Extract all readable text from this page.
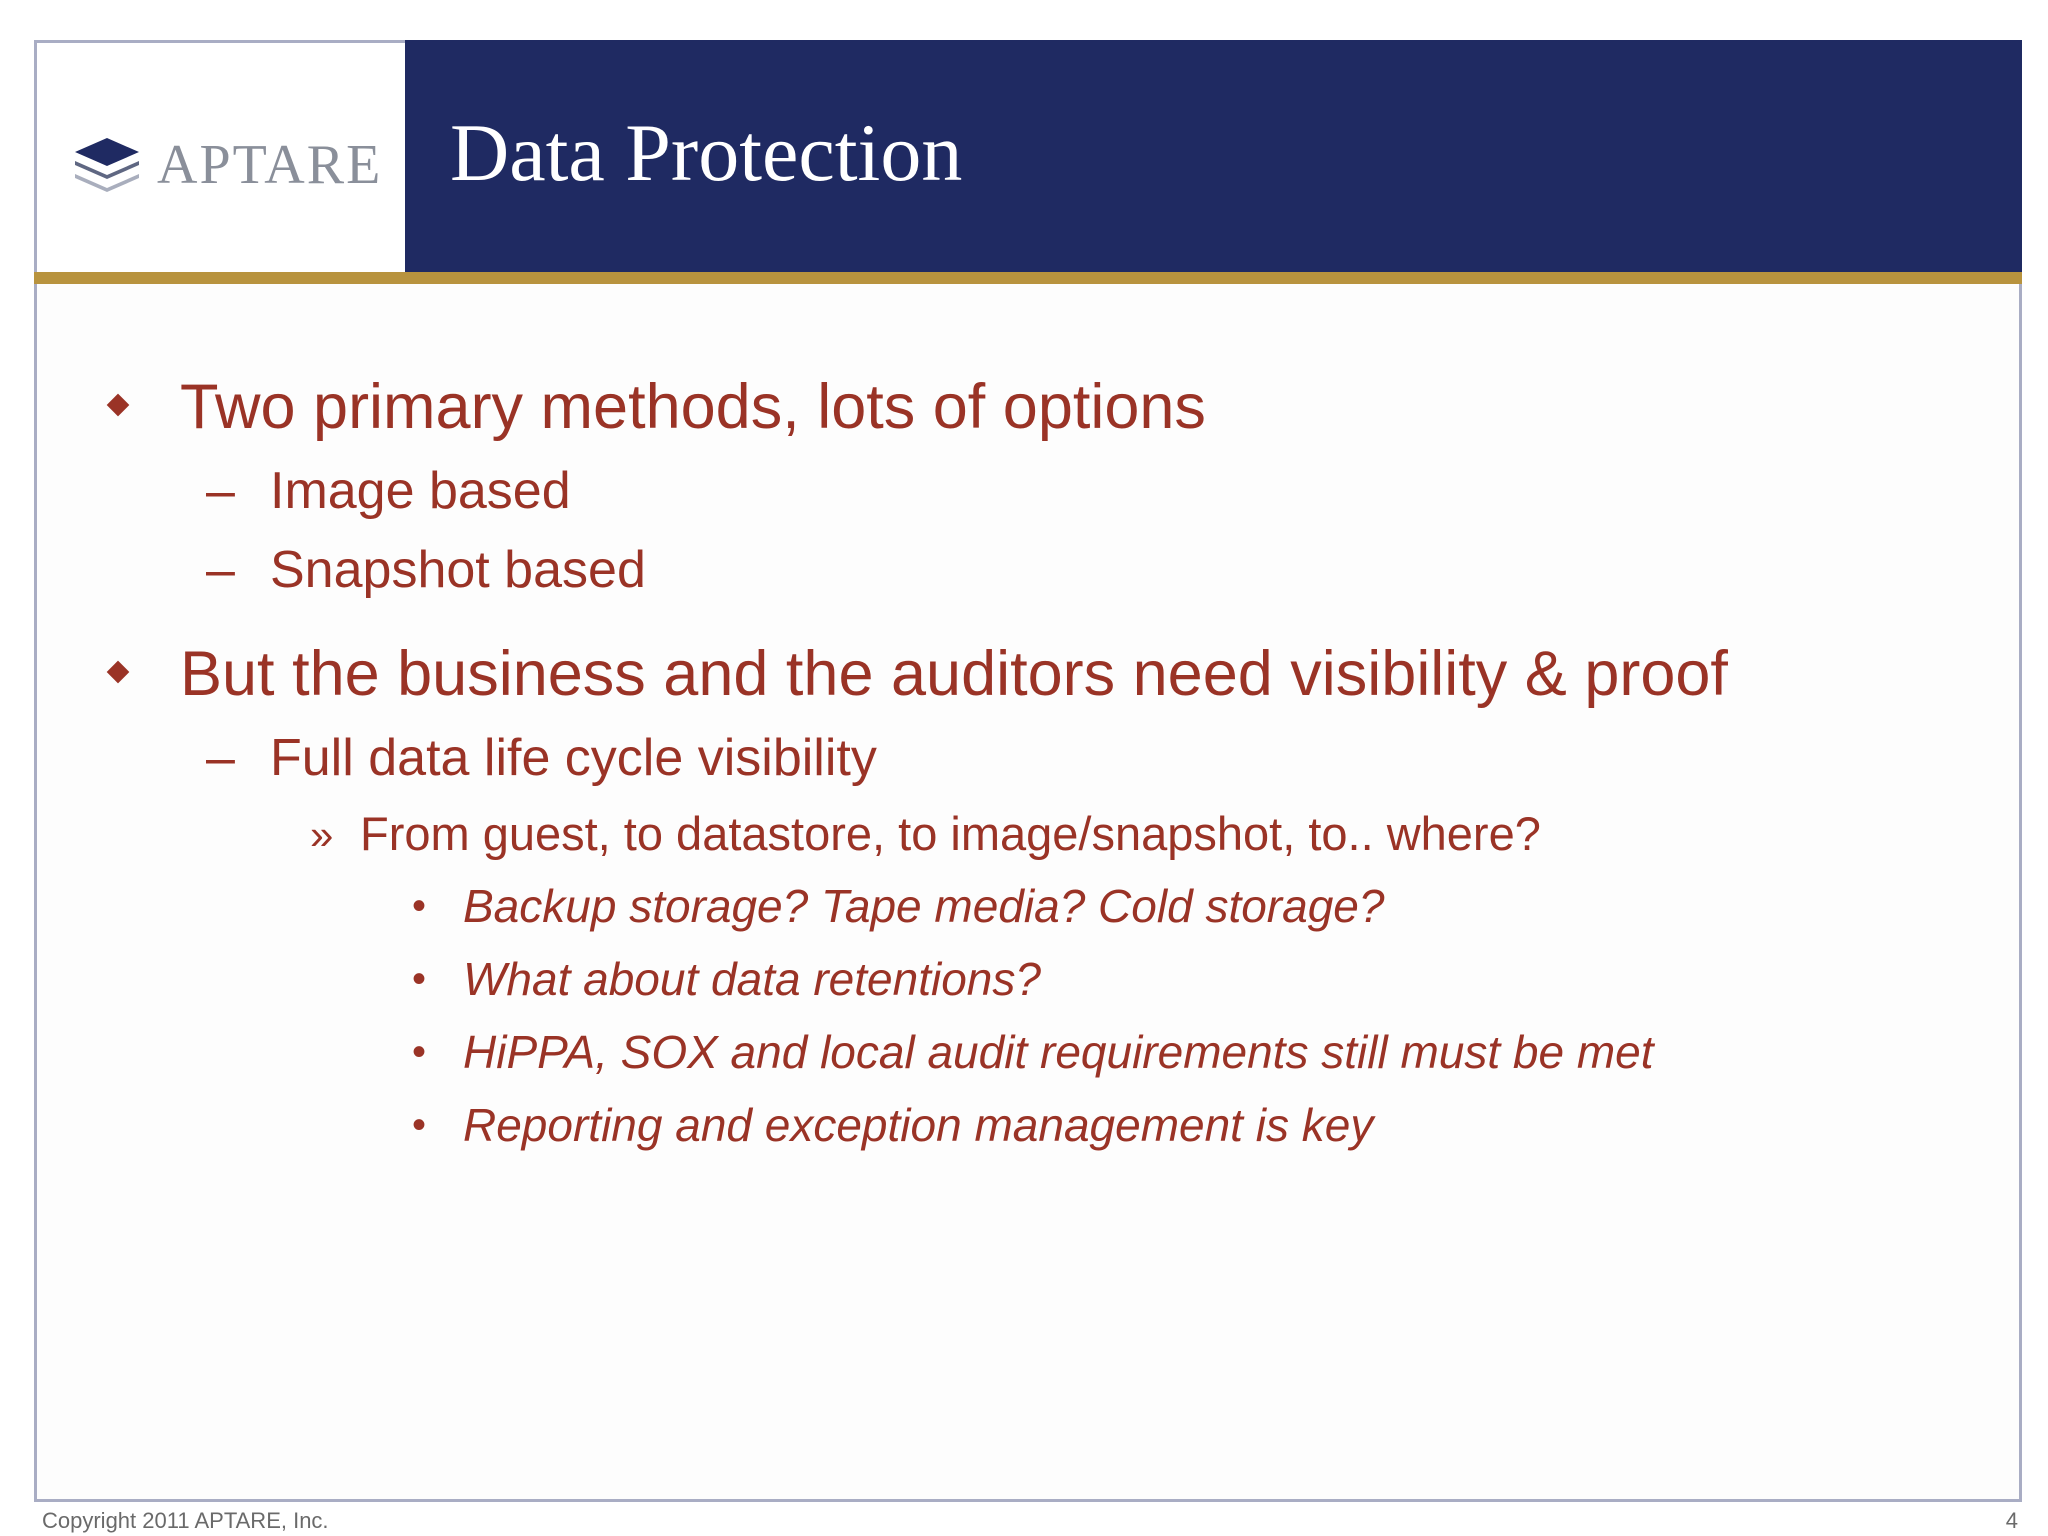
APTARE Data Protection
Two primary methods, lots of options
– Image based
– Snapshot based
But the business and the auditors need visibility & proof
– Full data life cycle visibility
» From guest, to datastore, to image/snapshot, to.. where?
• Backup storage? Tape media? Cold storage?
• What about data retentions?
• HiPPA, SOX and local audit requirements still must be met
• Reporting and exception management is key
Copyright 2011 APTARE, Inc.	4
